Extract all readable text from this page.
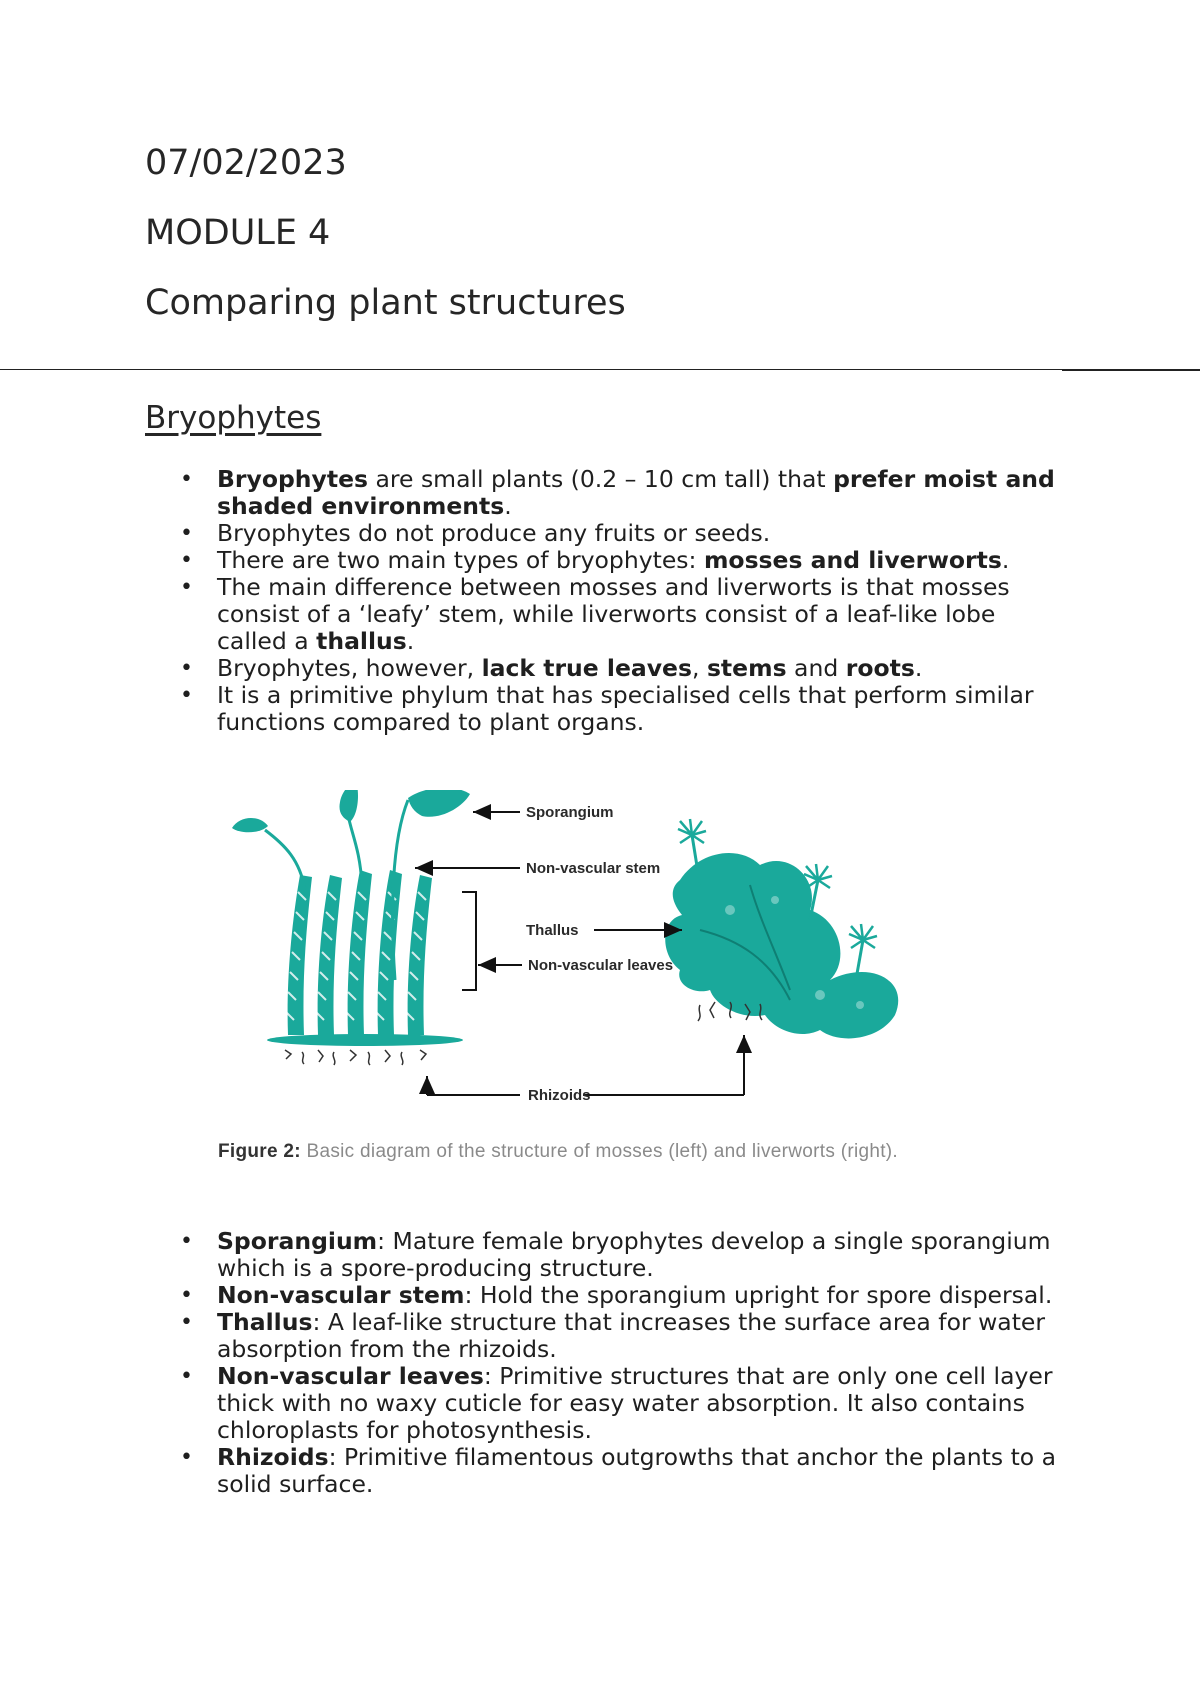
07/02/2023
MODULE 4
Comparing plant structures
Bryophytes
• Bryophytes are small plants (0.2 – 10 cm tall) that prefer moist and shaded environments.
• Bryophytes do not produce any fruits or seeds.
• There are two main types of bryophytes: mosses and liverworts.
• The main difference between mosses and liverworts is that mosses consist of a ‘leafy’ stem, while liverworts consist of a leaf-like lobe called a thallus.
• Bryophytes, however, lack true leaves, stems and roots.
• It is a primitive phylum that has specialised cells that perform similar functions compared to plant organs.
Sporangium
Non-vascular stem
Thallus
Non-vascular leaves
Rhizoids

Figure 2: Basic diagram of the structure of mosses (left) and liverworts (right).

• Sporangium: Mature female bryophytes develop a single sporangium which is a spore-producing structure.
• Non-vascular stem: Hold the sporangium upright for spore dispersal.
• Thallus: A leaf-like structure that increases the surface area for water absorption from the rhizoids.
• Non-vascular leaves: Primitive structures that are only one cell layer thick with no waxy cuticle for easy water absorption. It also contains chloroplasts for photosynthesis.
• Rhizoids: Primitive filamentous outgrowths that anchor the plants to a solid surface.
